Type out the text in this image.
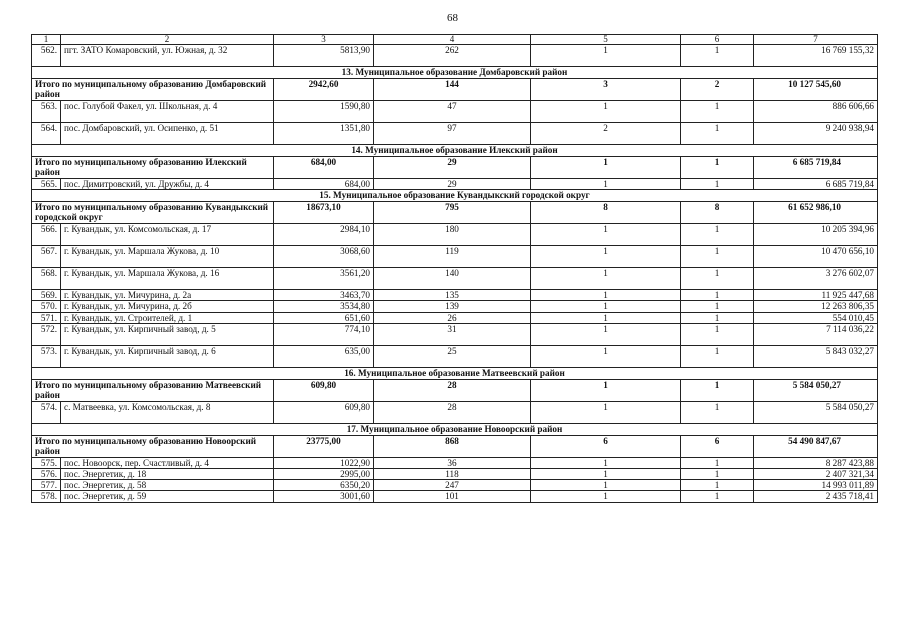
68
1	2	3	4	5	6	7
562.	пгт. ЗАТО Комаровский, ул. Южная, д. 32	5813,90	262	1	1	16 769 155,32
13. Муниципальное образование Домбаровский район						
Итого по муниципальному образованию Домбаровский район		2942,60	144	3	2	10 127 545,60
563.	пос. Голубой Факел, ул. Школьная, д. 4	1590,80	47	1	1	886 606,66
564.	пос. Домбаровский, ул. Осипенко, д. 51	1351,80	97	2	1	9 240 938,94
14. Муниципальное образование Илекский район						
Итого по муниципальному образованию Илекский район		684,00	29	1	1	6 685 719,84
565.	пос. Димитровский, ул. Дружбы, д. 4	684,00	29	1	1	6 685 719,84
15. Муниципальное образование Кувандыкский городской округ						
Итого по муниципальному образованию Кувандыкский городской округ		18673,10	795	8	8	61 652 986,10
566.	г. Кувандык, ул. Комсомольская, д. 17	2984,10	180	1	1	10 205 394,96
567.	г. Кувандык, ул. Маршала Жукова, д. 10	3068,60	119	1	1	10 470 656,10
568.	г. Кувандык, ул. Маршала Жукова, д. 16	3561,20	140	1	1	3 276 602,07
569.	г. Кувандык, ул. Мичурина, д. 2а	3463,70	135	1	1	11 925 447,68
570.	г. Кувандык, ул. Мичурина, д. 2б	3534,80	139	1	1	12 263 806,35
571.	г. Кувандык, ул. Строителей, д. 1	651,60	26	1	1	554 010,45
572.	г. Кувандык, ул. Кирпичный завод, д. 5	774,10	31	1	1	7 114 036,22
573.	г. Кувандык, ул. Кирпичный завод, д. 6	635,00	25	1	1	5 843 032,27
16. Муниципальное образование Матвеевский район						
Итого по муниципальному образованию Матвеевский район		609,80	28	1	1	5 584 050,27
574.	с. Матвеевка, ул. Комсомольская, д. 8	609,80	28	1	1	5 584 050,27
17. Муниципальное образование Новоорский район						
Итого по муниципальному образованию Новоорский район		23775,00	868	6	6	54 490 847,67
575.	пос. Новоорск, пер. Счастливый, д. 4	1022,90	36	1	1	8 287 423,88
576.	пос. Энергетик, д. 18	2995,00	118	1	1	2 407 321,34
577.	пос. Энергетик, д. 58	6350,20	247	1	1	14 993 011,89
578.	пос. Энергетик, д. 59	3001,60	101	1	1	2 435 718,41
